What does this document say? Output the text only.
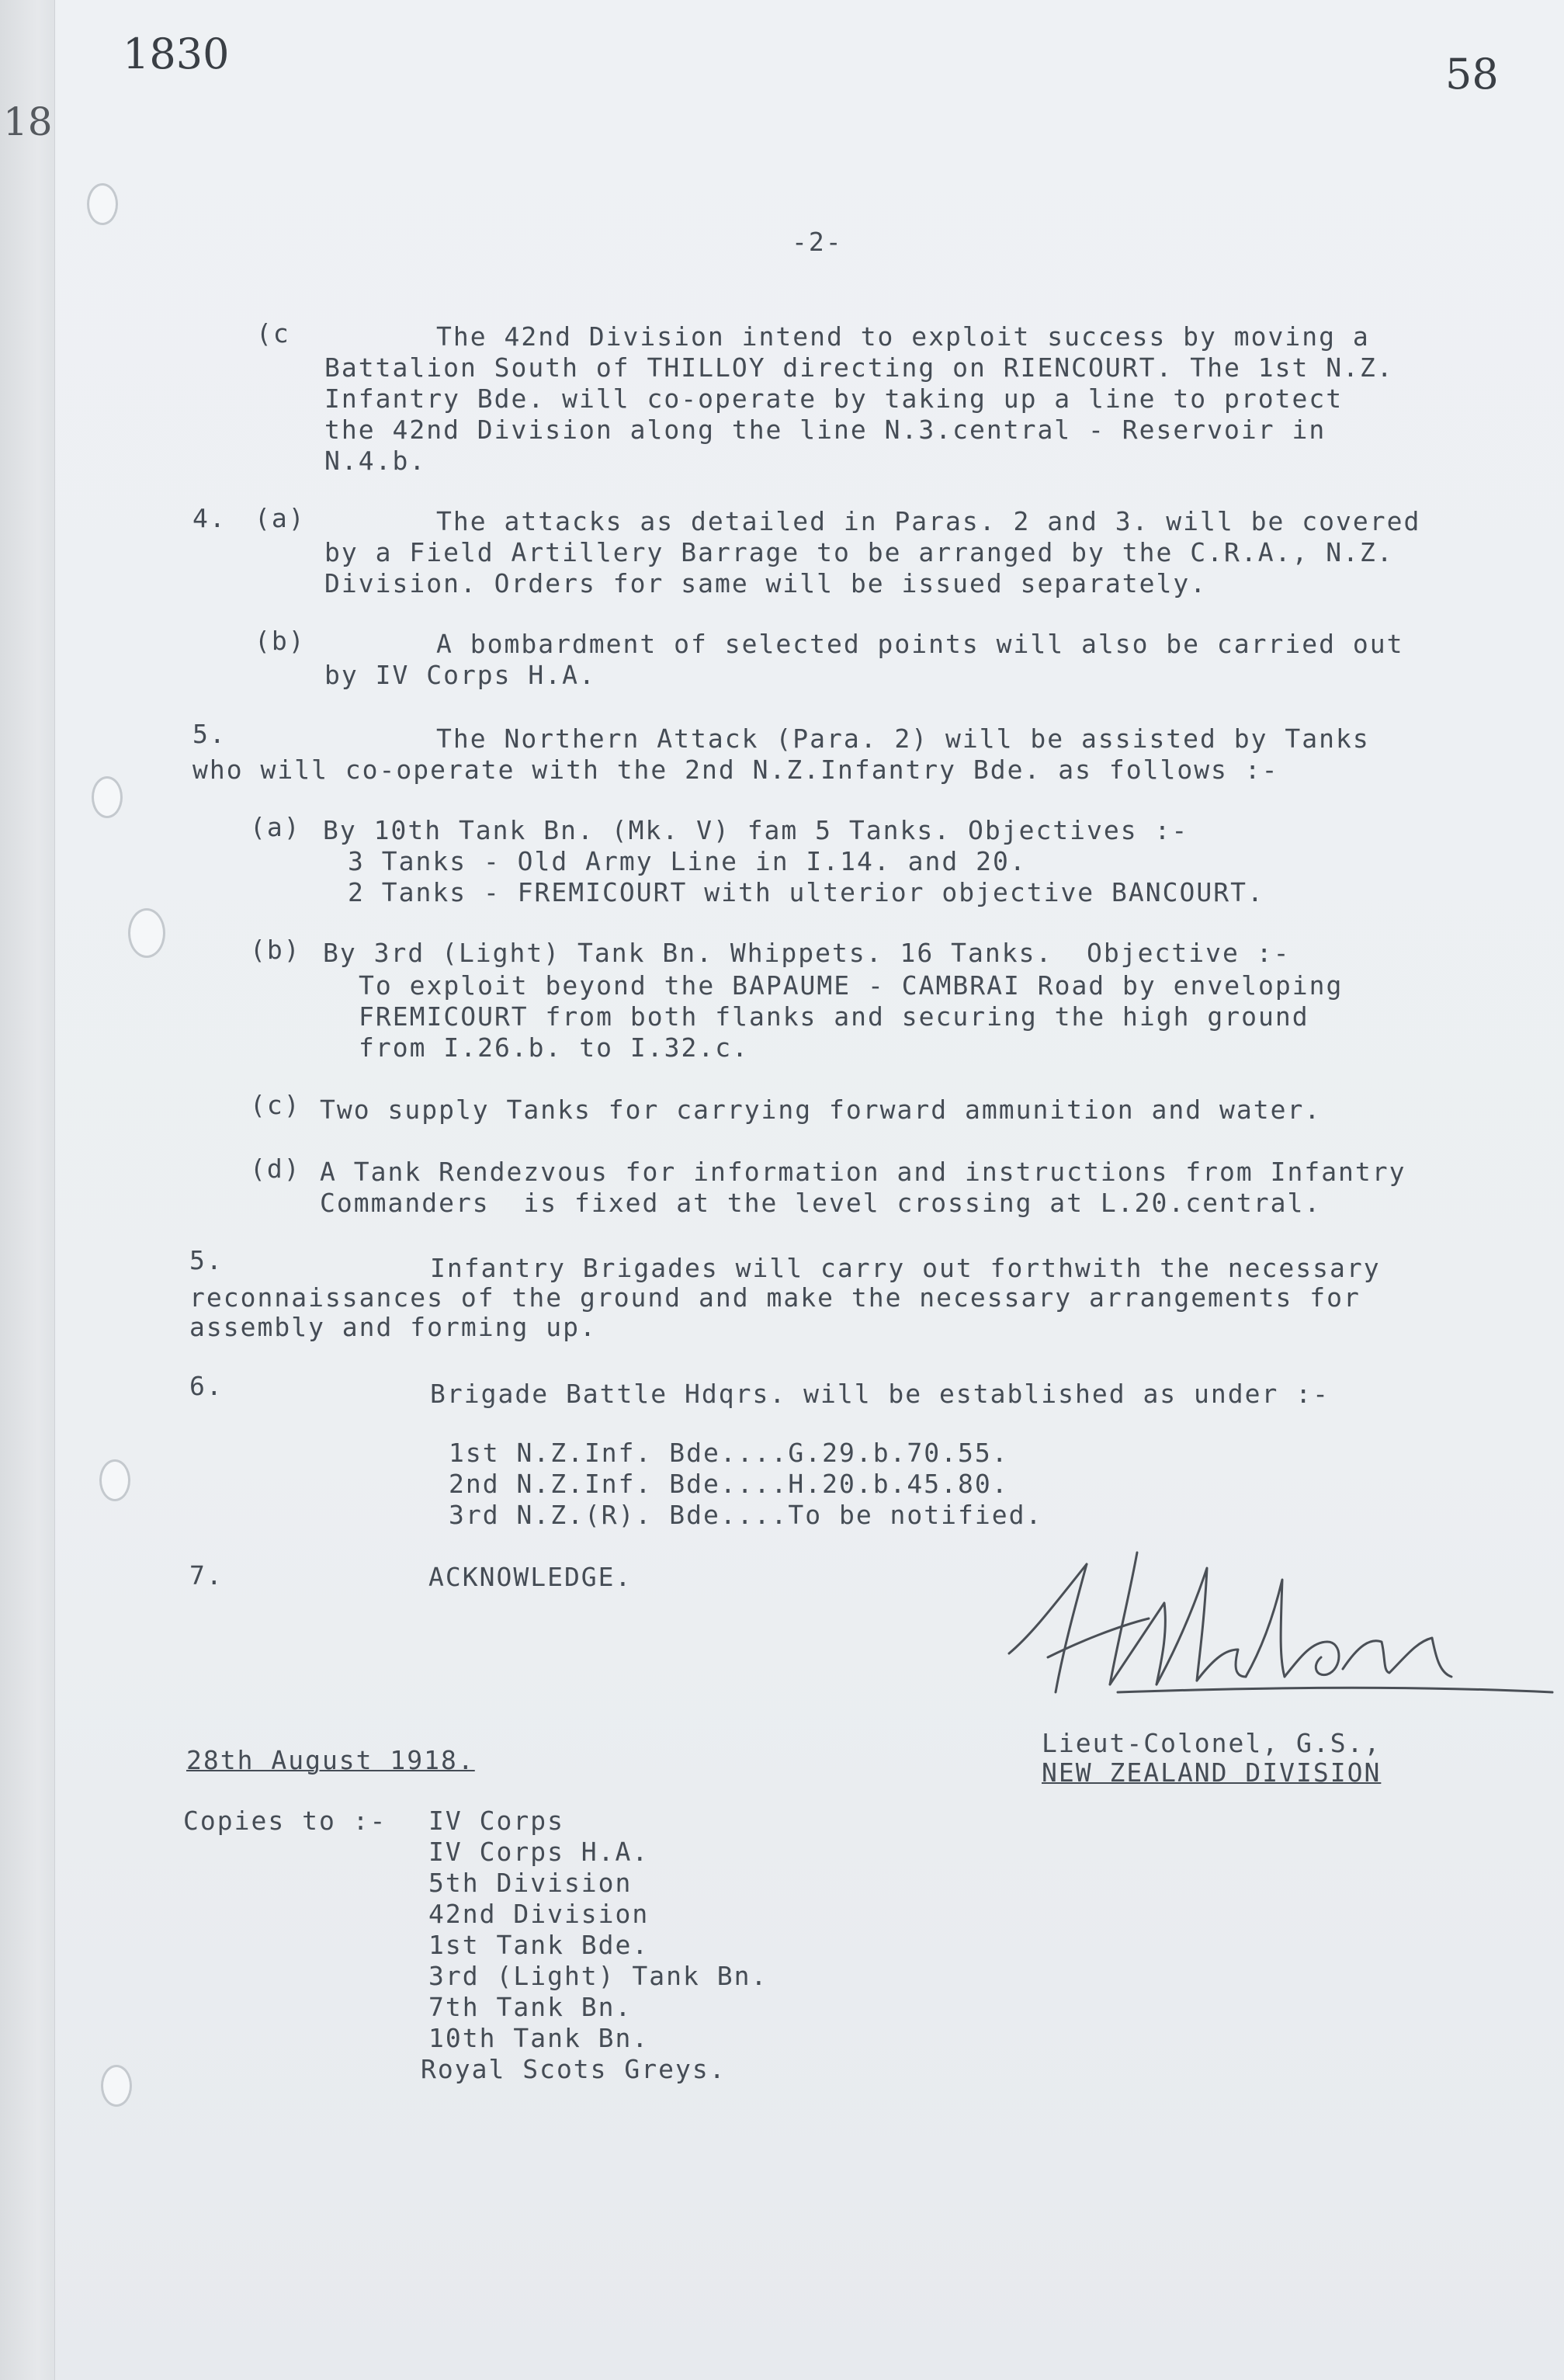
1830	58
18
-2-
(c	The 42nd Division intend to exploit success by moving a
Battalion South of THILLOY directing on RIENCOURT. The 1st N.Z.
Infantry Bde. will co-operate by taking up a line to protect
the 42nd Division along the line N.3.central - Reservoir in
N.4.b.
4. (a)	The attacks as detailed in Paras. 2 and 3. will be covered
by a Field Artillery Barrage to be arranged by the C.R.A., N.Z.
Division. Orders for same will be issued separately.
(b)	A bombardment of selected points will also be carried out
by IV Corps H.A.
5.	The Northern Attack (Para. 2) will be assisted by Tanks
who will co-operate with the 2nd N.Z.Infantry Bde. as follows :-
(a) By 10th Tank Bn. (Mk. V) fam 5 Tanks. Objectives :-
3 Tanks - Old Army Line in I.14. and 20.
2 Tanks - FREMICOURT with ulterior objective BANCOURT.
(b) By 3rd (Light) Tank Bn. Whippets. 16 Tanks.  Objective :-
To exploit beyond the BAPAUME - CAMBRAI Road by enveloping
FREMICOURT from both flanks and securing the high ground
from I.26.b. to I.32.c.
(c) Two supply Tanks for carrying forward ammunition and water.
(d) A Tank Rendezvous for information and instructions from Infantry
Commanders  is fixed at the level crossing at L.20.central.
5.	Infantry Brigades will carry out forthwith the necessary
reconnaissances of the ground and make the necessary arrangements for
assembly and forming up.
6.	Brigade Battle Hdqrs. will be established as under :-
1st N.Z.Inf. Bde....G.29.b.70.55.
2nd N.Z.Inf. Bde....H.20.b.45.80.
3rd N.Z.(R). Bde....To be notified.
7.	ACKNOWLEDGE.
28th August 1918.
Lieut-Colonel, G.S.,
NEW ZEALAND DIVISION
Copies to :- IV Corps
IV Corps H.A.
5th Division
42nd Division
1st Tank Bde.
3rd (Light) Tank Bn.
7th Tank Bn.
10th Tank Bn.
Royal Scots Greys.
